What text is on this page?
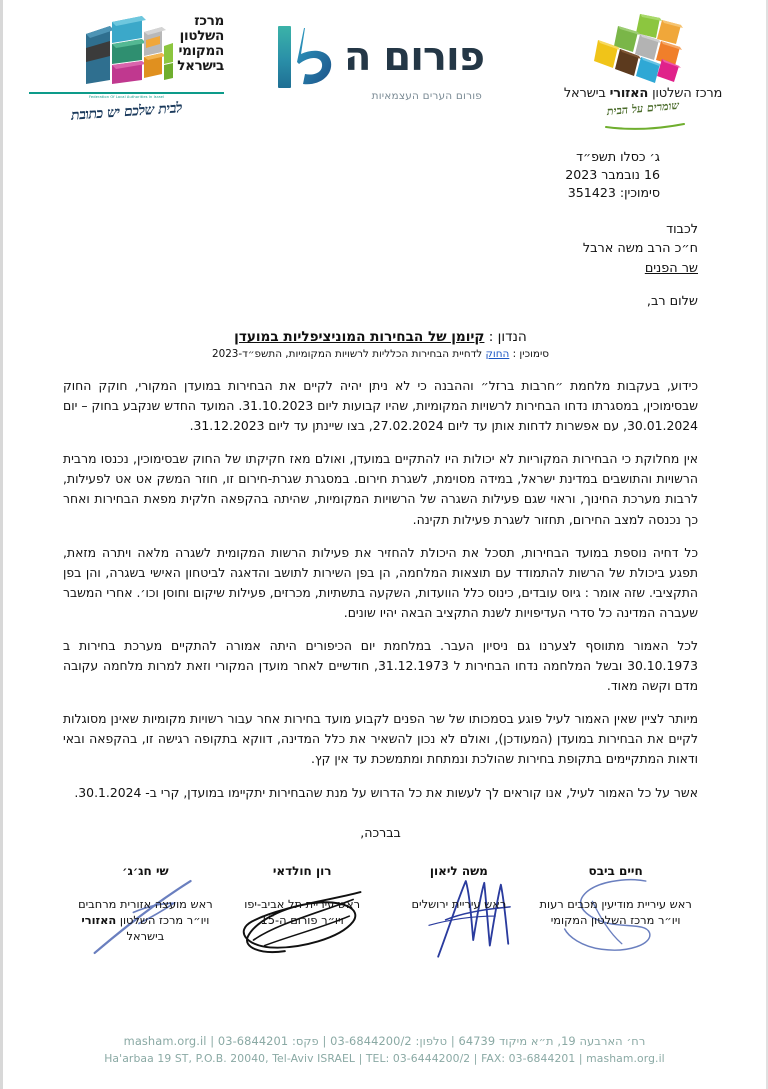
מרכז
השלטון
המקומי
בישראל
Federation Of Local Authorities In Israel
לבית שלכם יש כתובת
פורום ה
פורום הערים העצמאיות	מרכז השלטון האזורי בישראל
שומרים על הבית
ג׳ כסלו תשפ״ד
16 נובמבר 2023
סימוכין: 351423
לכבוד
ח״כ הרב משה ארבל
שר הפנים
שלום רב,
הנדון : קיומן של הבחירות המוניציפליות במועדן
סימוכין : החוק לדחיית הבחירות הכלליות לרשויות המקומיות, התשפ״ד-2023

כידוע, בעקבות מלחמת ״חרבות ברזל״ וההבנה כי לא ניתן יהיה לקיים את הבחירות במועדן המקורי, חוקק החוק שבסימוכין, במסגרתו נדחו הבחירות לרשויות המקומיות, שהיו קבועות ליום 31.10.2023. המועד החדש שנקבע בחוק – יום 30.01.2024, עם אפשרות לדחות אותן עד ליום 27.02.2024, בצו שיינתן עד ליום 31.12.2023.

אין מחלוקת כי הבחירות המקוריות לא יכולות היו להתקיים במועדן, ואולם מאז חקיקתו של החוק שבסימוכין, נכנסו מרבית הרשויות והתושבים במדינת ישראל, במידה מסוימת, לשגרת חירום. במסגרת שגרת-חירום זו, חוזר המשק אט אט לפעילות, לרבות מערכת החינוך, וראוי שגם פעילות השגרה של הרשויות המקומיות, שהיתה בהקפאה חלקית מפאת הבחירות ואחר כך נכנסה למצב החירום, תחזור לשגרת פעילות תקינה.

כל דחיה נוספת במועד הבחירות, תסכל את היכולת להחזיר את פעילות הרשות המקומית לשגרה מלאה ויתרה מזאת, תפגע ביכולת של הרשות להתמודד עם תוצאות המלחמה, הן בפן השירות לתושב והדאגה לביטחון האישי בשגרה, והן בפן התקציבי. שזה אומר : גיוס עובדים, כינוס כלל הוועדות, השקעה בתשתיות, מכרזים, פעילות שיקום וחוסן וכו׳. אחרי המשבר שעברה המדינה כל סדרי העדיפויות לשנת התקציב הבאה יהיו שונים.

לכל האמור מתווסף לצערנו גם ניסיון העבר. במלחמת יום הכיפורים היתה אמורה להתקיים מערכת בחירות ב 30.10.1973 ובשל המלחמה נדחו הבחירות ל 31.12.1973, חודשיים לאחר מועדן המקורי וזאת למרות מלחמה עקובה מדם וקשה מאוד.

מיותר לציין שאין האמור לעיל פוגע בסמכותו של שר הפנים לקבוע מועד בחירות אחר עבור רשויות מקומיות שאינן מסוגלות לקיים את הבחירות במועדן (המעודכן), ואולם לא נכון להשאיר את כלל המדינה, דווקא בתקופה רגישה זו, בהקפאה ובאי ודאות המתקיימים בתקופת בחירות שהולכת ונמתחת ומתמשכת עד אין קץ.

אשר על כל האמור לעיל, אנו קוראים לך לעשות את כל הדרוש על מנת שהבחירות יתקיימו במועדן, קרי ב- 30.1.2024.

בברכה,
חיים ביבס
ראש עיריית מודיעין מכבים רעות
ויו״ר מרכז השלטון המקומי
משה ליאון
ראש עיריית ירושלים
רון חולדאי
ראש עיריית תל אביב-יפו
ויו״ר פורום ה-15
שי חג׳ג׳
ראש מועצה אזורית מרחבים
ויו״ר מרכז השלטון האזורי בישראל
רח׳ הארבעה 19, ת״א מיקוד 64739 | טלפון: 03-6844200/2 | פקס: 03-6844201 | masham.org.il
Ha'arbaa 19 ST, P.O.B. 20040, Tel-Aviv ISRAEL | TEL: 03-6444200/2 | FAX: 03-6844201 | masham.org.il
